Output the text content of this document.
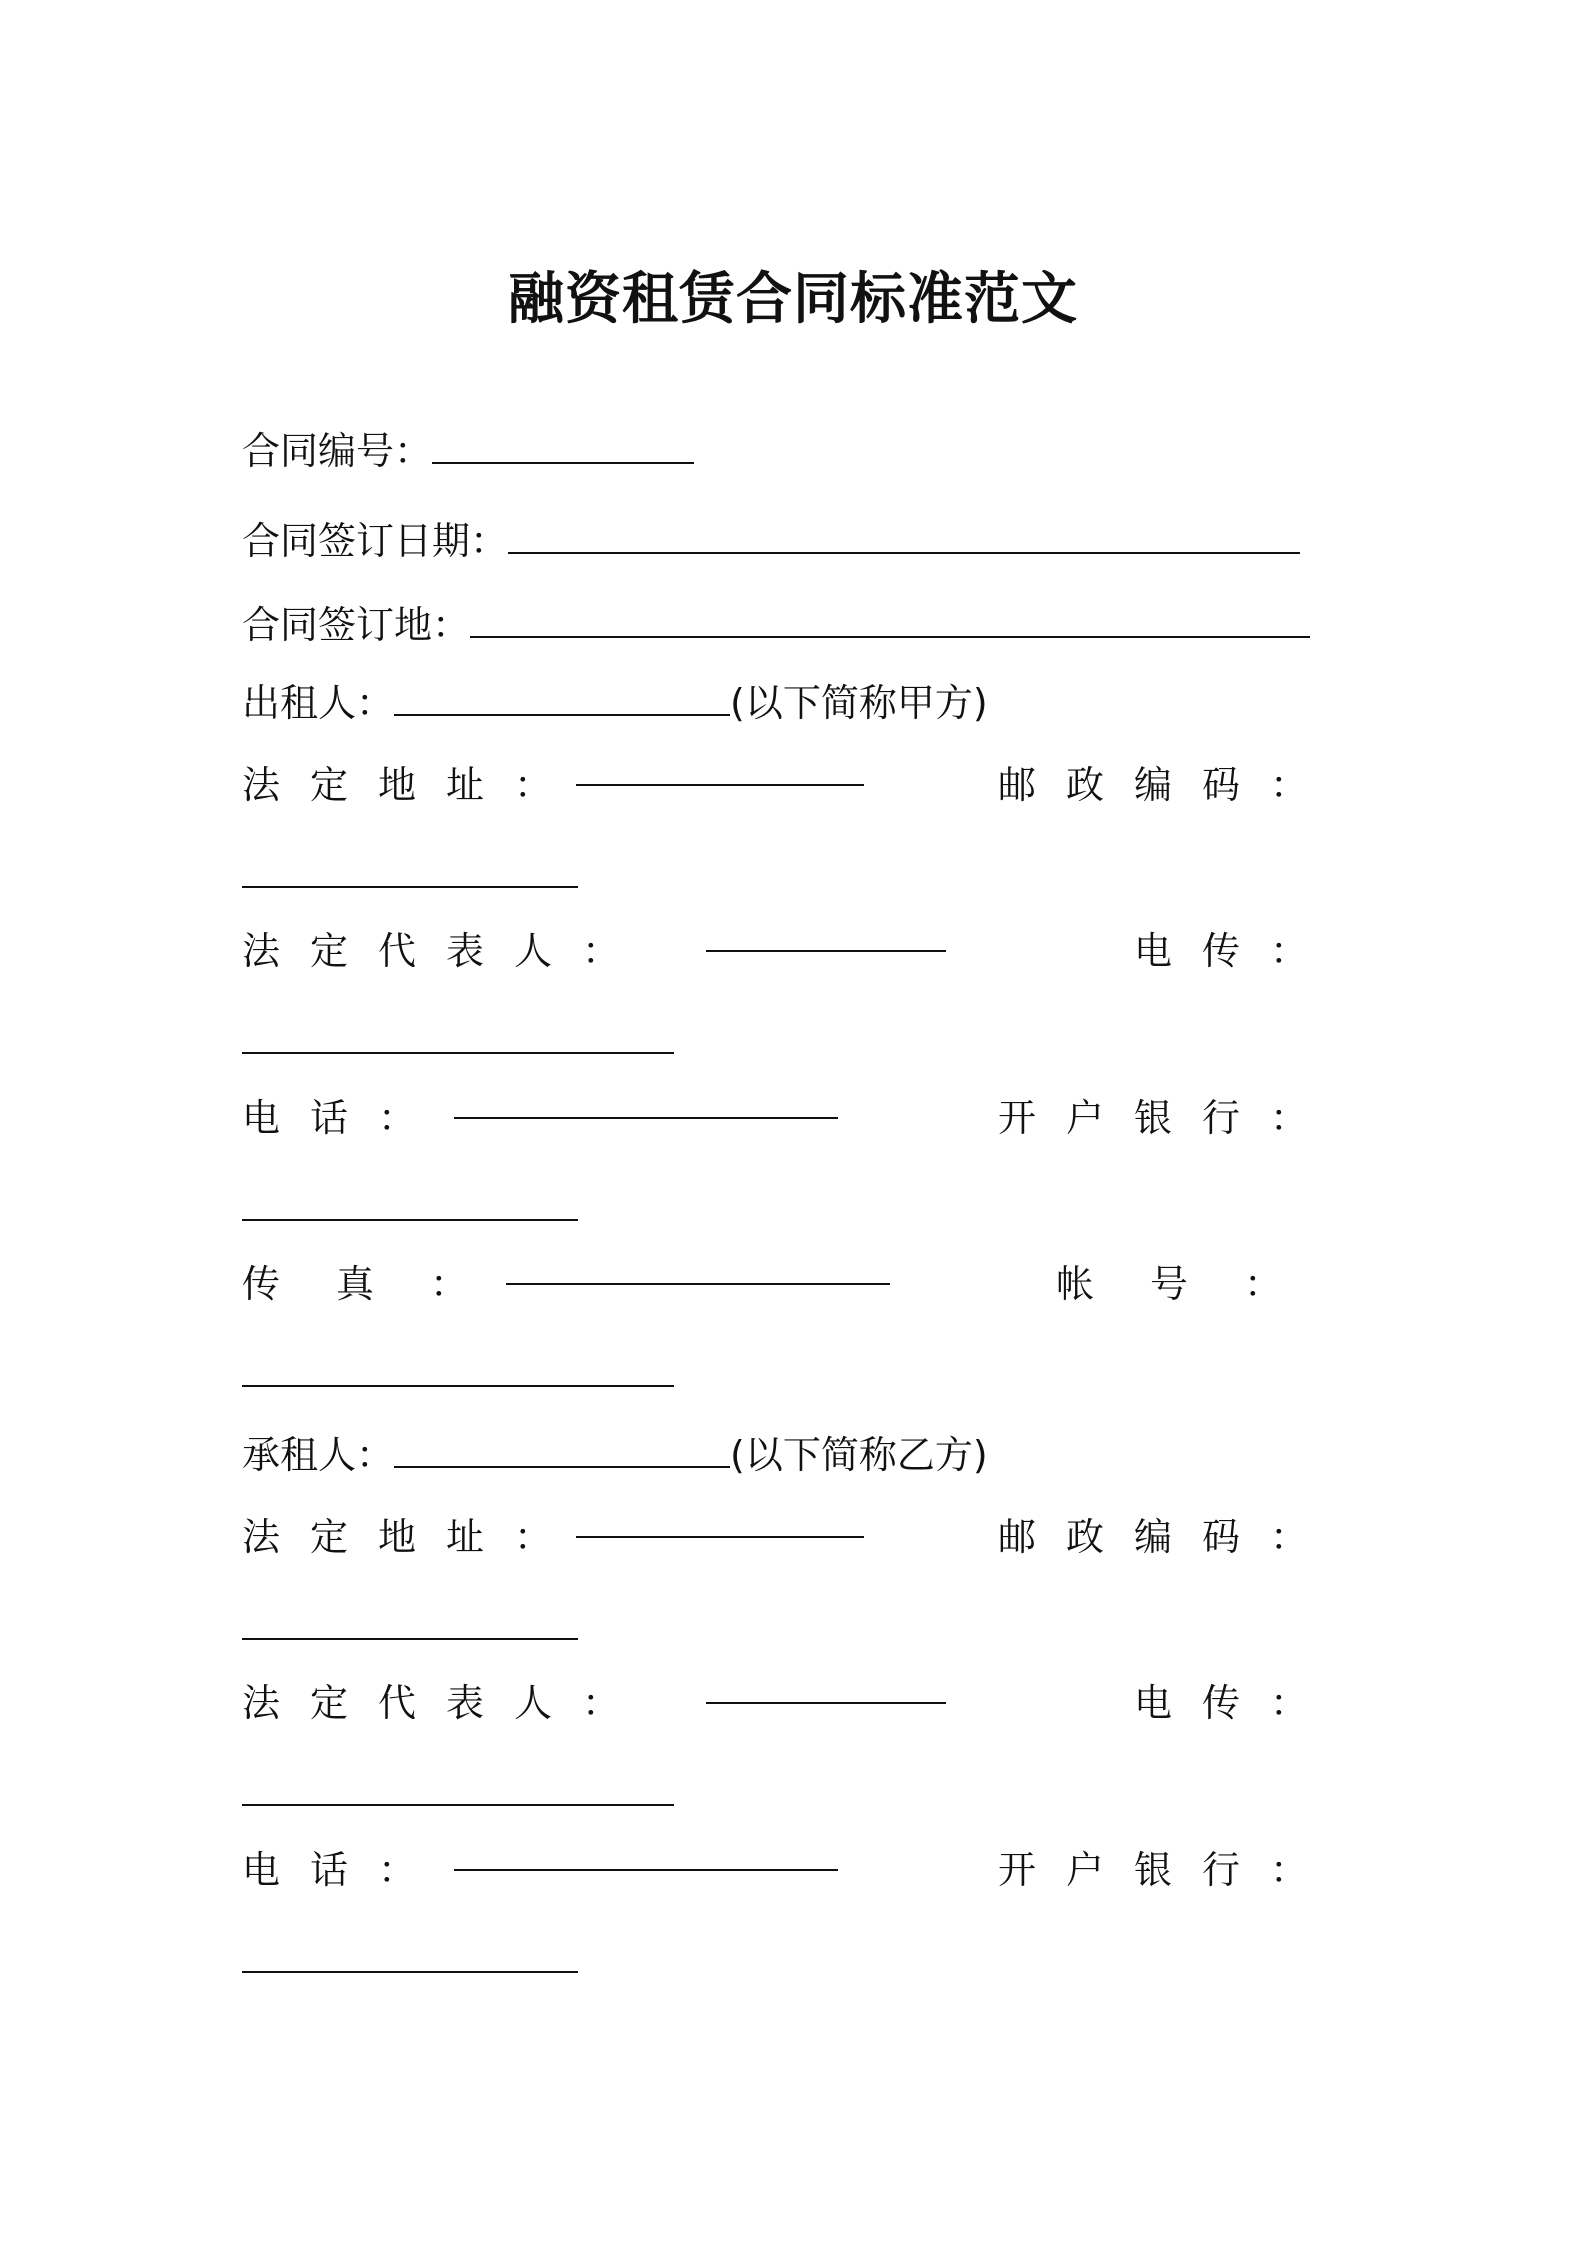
融资租赁合同标准范文
合同编号：
合同签订日期：
合同签订地：
出租人：	(以下简称甲方)
法定地址：	邮政编码：
法定代表人：	电传：
电话：	开户银行：
传真：	帐号：
承租人：	(以下简称乙方)
法定地址：	邮政编码：
法定代表人：	电传：
电话：	开户银行：
